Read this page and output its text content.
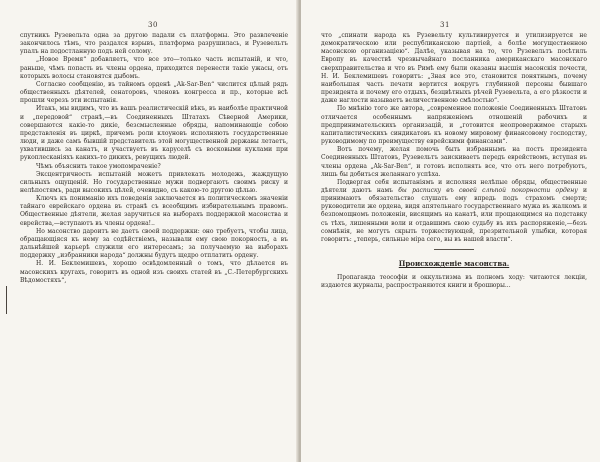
30

спутникъ Рузевельта одна за другою падали съ платформы. Это развлеченіе закончилось тѣмъ, что раздался взрывъ, платформа разрушилась, и Рузевельтъ упалъ на подостланную подъ ней солому.

„Новое Время“ добавляетъ, что все это—только часть испытаній, и что, раньше, чѣмъ попасть въ члены ордена, приходится перенести такіе ужасы, отъ которыхъ волосы становятся дыбомъ.

Согласно сообщенію, въ тайномъ орденѣ „Ak-Sar-Ben“ числится цѣлый рядъ общественныхъ дѣятелей, сенаторовъ, членовъ конгресса и пр., которые всѣ прошли черезъ эти испытанія.

Итакъ, мы видимъ, что въ вашъ реалистическій вѣкъ, въ наиболѣе практичной и „передовой“ странѣ,—въ Соединенныхъ Штатахъ Сѣверной Америки, совершаются какіе-то дикіе, безсмысленные обряды, напоминающіе собою представленія въ циркѣ, причемъ роли клоуновъ исполняють государственные люди, и даже самъ бывшій представитель этой могущественной державы летаетъ, ухватившись за канатъ, и участвуетъ въ каруселѣ съ восковыми куклами при рукоплесканіяхъ какихъ-то дикихъ, ревущихъ людей.

Чѣмъ объяснить такое умопомраченіе?

Эксцентричность испытаній можетъ привлекать молодежь, жаждущую сильныхъ ощущеній. Но государственные мужи подвергаютъ своимъ риску и нелѣпостямъ, ради высокихъ цѣлей, очевидно, съ какою-то другою цѣлью.

Ключъ къ пониманію ихъ поведенія заключается въ политическомъ значеніи тайнаго еврейскаго ордена въ странѣ съ всеобщимъ избирательнымъ правомъ. Общественные дѣятели, желая заручиться на выборахъ поддержкой масонства и еврейства,—вступаютъ въ члены ордена!..

Но масонство дароитъ не даетъ своей поддержки: оно требуетъ, чтобы лица, обращающіяся къ нему за содѣйствіемъ, называли ему свою покорность, а въ дальнѣйшей карьерѣ служили его интересамъ; за получаемую на выборахъ поддержку „избранники народа“ должны будутъ щедро отплатить ордену.

Н. И. Беклемишевъ, хорошо освѣдомленный о томъ, что дѣлается въ масонскихъ кругахъ, говоритъ въ одной изъ своихъ статей въ „С.-Петербургскихъ Вѣдомостяхъ“,

31

что „спинати народа къ Рузевельту культивируется и утилизируется не демократическою или республиканскою партіей, а болѣе могущественною масонскою организаціею“. Далѣе, указывая на то, что Рузевельтъ посѣтилъ Европу въ качествѣ чрезвычайнаго посланника американскаго масонскаго сверхправительства и что въ Римѣ ему были оказаны высшія масонскія почести, Н. И. Беклемишевъ говоритъ: „Зная все это, становится понятнымъ, почему наибольшая часть печати вертится вокругъ глубинной персоны бывшаго президента и почему его отдыхъ, безцвѣтныхъ рѣчей Рузевельта, а его рѣзкости и даже наглости называетъ величественною смѣлостью“.

По мнѣнію того же автора, „современное положеніе Соединенныхъ Штатовъ отличается особеннымъ напряженіемъ отношеній рабочихъ и предпринимательскихъ организацій, и „готовится неопровержимое старыхъ капиталистическихъ синдикатовъ къ новому мировому финансовому господству, руководимому по преимуществу еврейскими финансами“.

Вотъ почему, желая помочь быть избраннымъ на постъ президента Соединенныхъ Штатовъ, Рузевельтъ заискиваетъ передъ еврействомъ, вступая въ члены ордена „Ak-Sar-Ben“, и готовъ исполнять все, что отъ него потребуютъ, лишь бы добиться желаннаго успѣха.

Подвергая себя испытаніямъ и исполняя нелѣпые обряды, общественные дѣятели даютъ намъ бы расписку въ своей слѣпой покорности ордену и принимаютъ обязательство слушать ему впредь подъ страхомъ смерти; руководители же ордена, видя апятельнаго государственнаго мужа въ жалкомъ и безпомощномъ положеніи, висящимъ на канатѣ, или прощающимся на подставку съ тѣхъ, лишенными воли и отдавшимъ свою судьбу въ ихъ распоряженіе,—безъ сомнѣнія, не могутъ скрыть торжествующей, презрительной улыбки, которая говоритъ: „теперь, сильные міра сего, вы въ нашей власти“.

Происхожденіе масонства.

Пропаганда теософіи и оккультизма въ полномъ ходу: читаются лекціи, издаются журналы, распространяются книги и брошюры...
